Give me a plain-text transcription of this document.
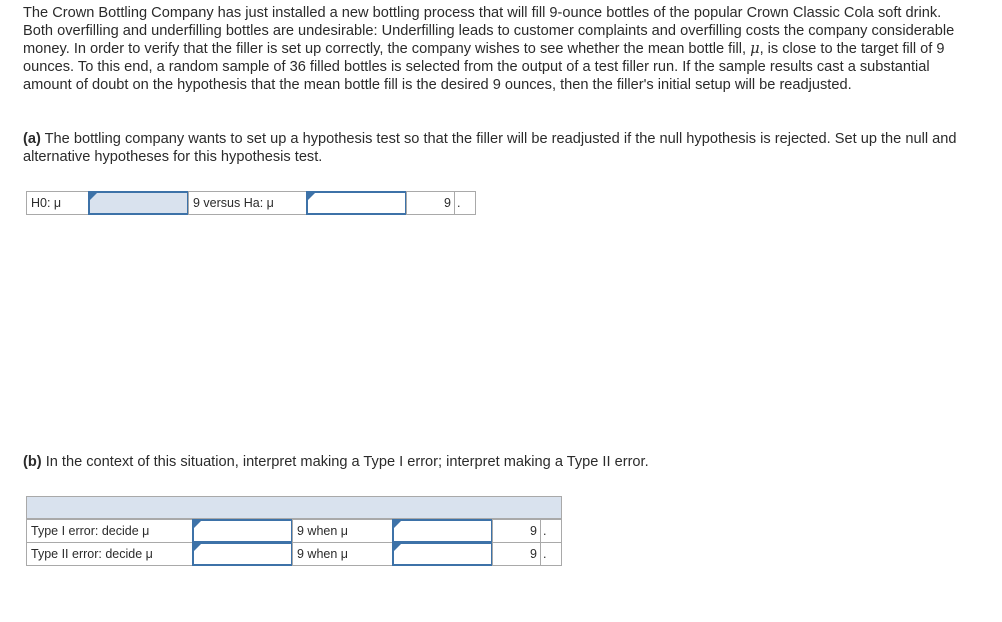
The Crown Bottling Company has just installed a new bottling process that will fill 9-ounce bottles of the popular Crown Classic Cola soft drink. Both overfilling and underfilling bottles are undesirable: Underfilling leads to customer complaints and overfilling costs the company considerable money. In order to verify that the filler is set up correctly, the company wishes to see whether the mean bottle fill, μ, is close to the target fill of 9 ounces. To this end, a random sample of 36 filled bottles is selected from the output of a test filler run. If the sample results cast a substantial amount of doubt on the hypothesis that the mean bottle fill is the desired 9 ounces, then the filler's initial setup will be readjusted.

(a) The bottling company wants to set up a hypothesis test so that the filler will be readjusted if the null hypothesis is rejected. Set up the null and alternative hypotheses for this hypothesis test.

H0: μ	9 versus Ha: μ	9 .

(b) In the context of this situation, interpret making a Type I error; interpret making a Type II error.

Type I error: decide μ	9 when μ	9 .
Type II error: decide μ	9 when μ	9 .
